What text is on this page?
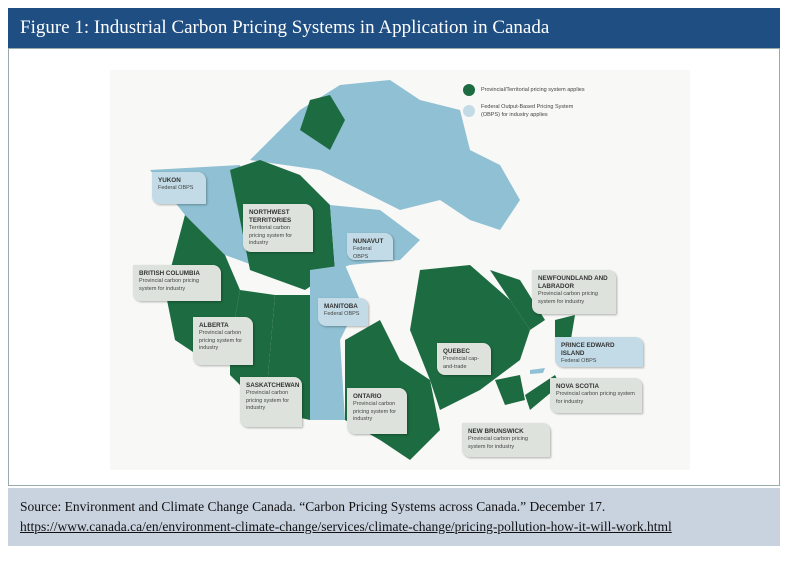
Figure 1: Industrial Carbon Pricing Systems in Application in Canada
Provincial/Territorial pricing system applies
Federal Output-Based Pricing System (OBPS) for industry applies
YUKON
Federal OBPS
NORTHWEST TERRITORIES
Territorial carbon pricing system for industry
BRITISH COLUMBIA
Provincial carbon pricing system for industry
ALBERTA
Provincial carbon pricing system for industry
SASKATCHEWAN
Provincial carbon pricing system for industry
NUNAVUT
Federal OBPS
MANITOBA
Federal OBPS
QUEBEC
Provincial cap-and-trade
ONTARIO
Provincial carbon pricing system for industry
NEWFOUNDLAND AND LABRADOR
Provincial carbon pricing system for industry
PRINCE EDWARD ISLAND
Federal OBPS
NOVA SCOTIA
Provincial carbon pricing system for industry
NEW BRUNSWICK
Provincial carbon pricing system for industry
Source: Environment and Climate Change Canada. “Carbon Pricing Systems across Canada.” December 17. https://www.canada.ca/en/environment-climate-change/services/climate-change/pricing-pollution-how-it-will-work.html
